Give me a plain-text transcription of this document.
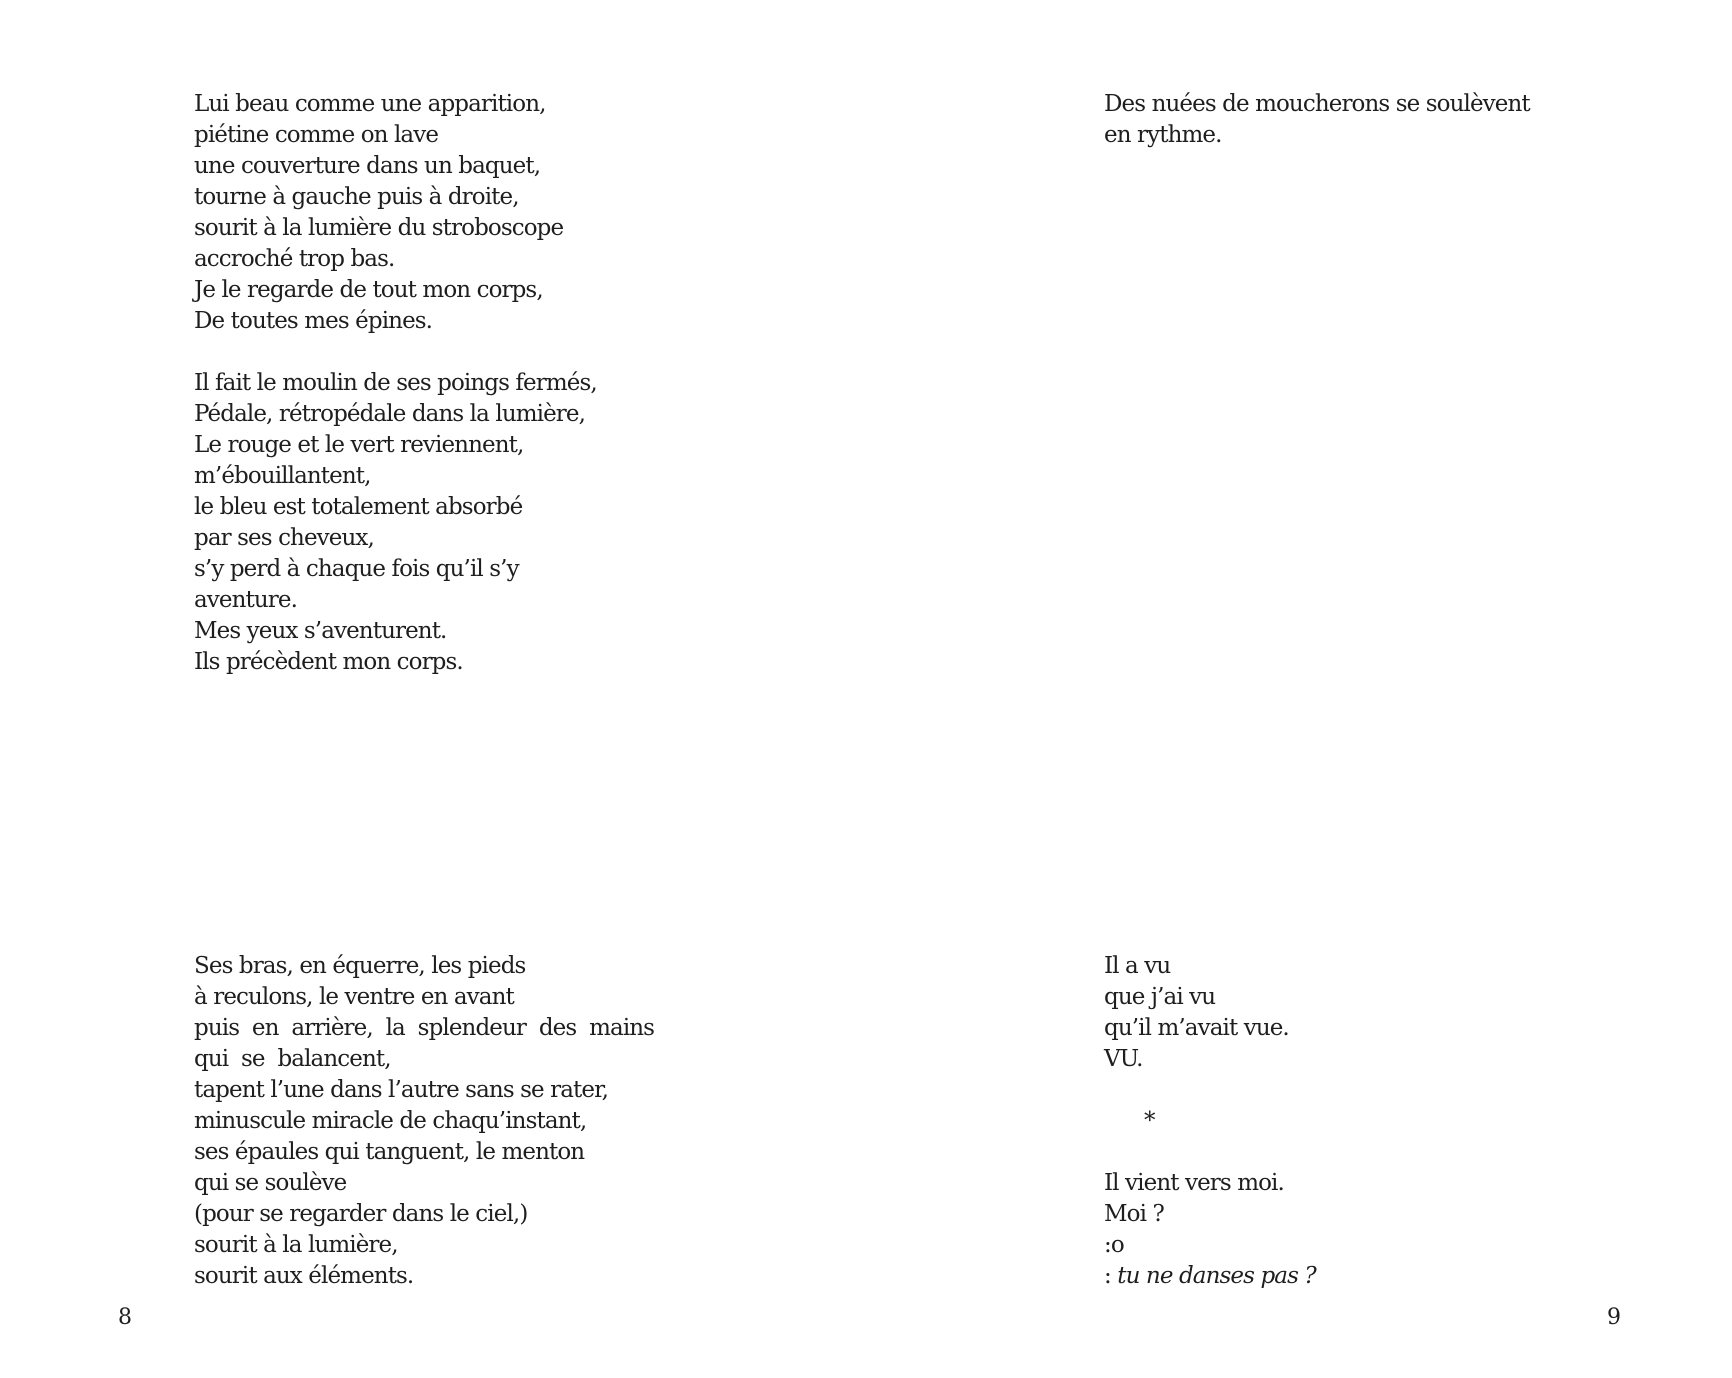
Lui beau comme une apparition,
piétine comme on lave
une couverture dans un baquet,
tourne à gauche puis à droite,
sourit à la lumière du stroboscope
accroché trop bas.
Je le regarde de tout mon corps,
De toutes mes épines.
Il fait le moulin de ses poings fermés,
Pédale, rétropédale dans la lumière,
Le rouge et le vert reviennent,
m’ébouillantent,
le bleu est totalement absorbé
par ses cheveux,
s’y perd à chaque fois qu’il s’y
aventure.
Mes yeux s’aventurent.
Ils précèdent mon corps.
Ses bras, en équerre, les pieds
à reculons, le ventre en avant
puis  en  arrière,  la  splendeur  des  mains
qui  se  balancent,
tapent l’une dans l’autre sans se rater,
minuscule miracle de chaqu’instant,
ses épaules qui tanguent, le menton
qui se soulève
(pour se regarder dans le ciel,)
sourit à la lumière,
sourit aux éléments.
8
Des nuées de moucherons se soulèvent
en rythme.
Il a vu
que j’ai vu
qu’il m’avait vue.
VU.
*
Il vient vers moi.
Moi ?
:o
: tu ne danses pas ?
9
